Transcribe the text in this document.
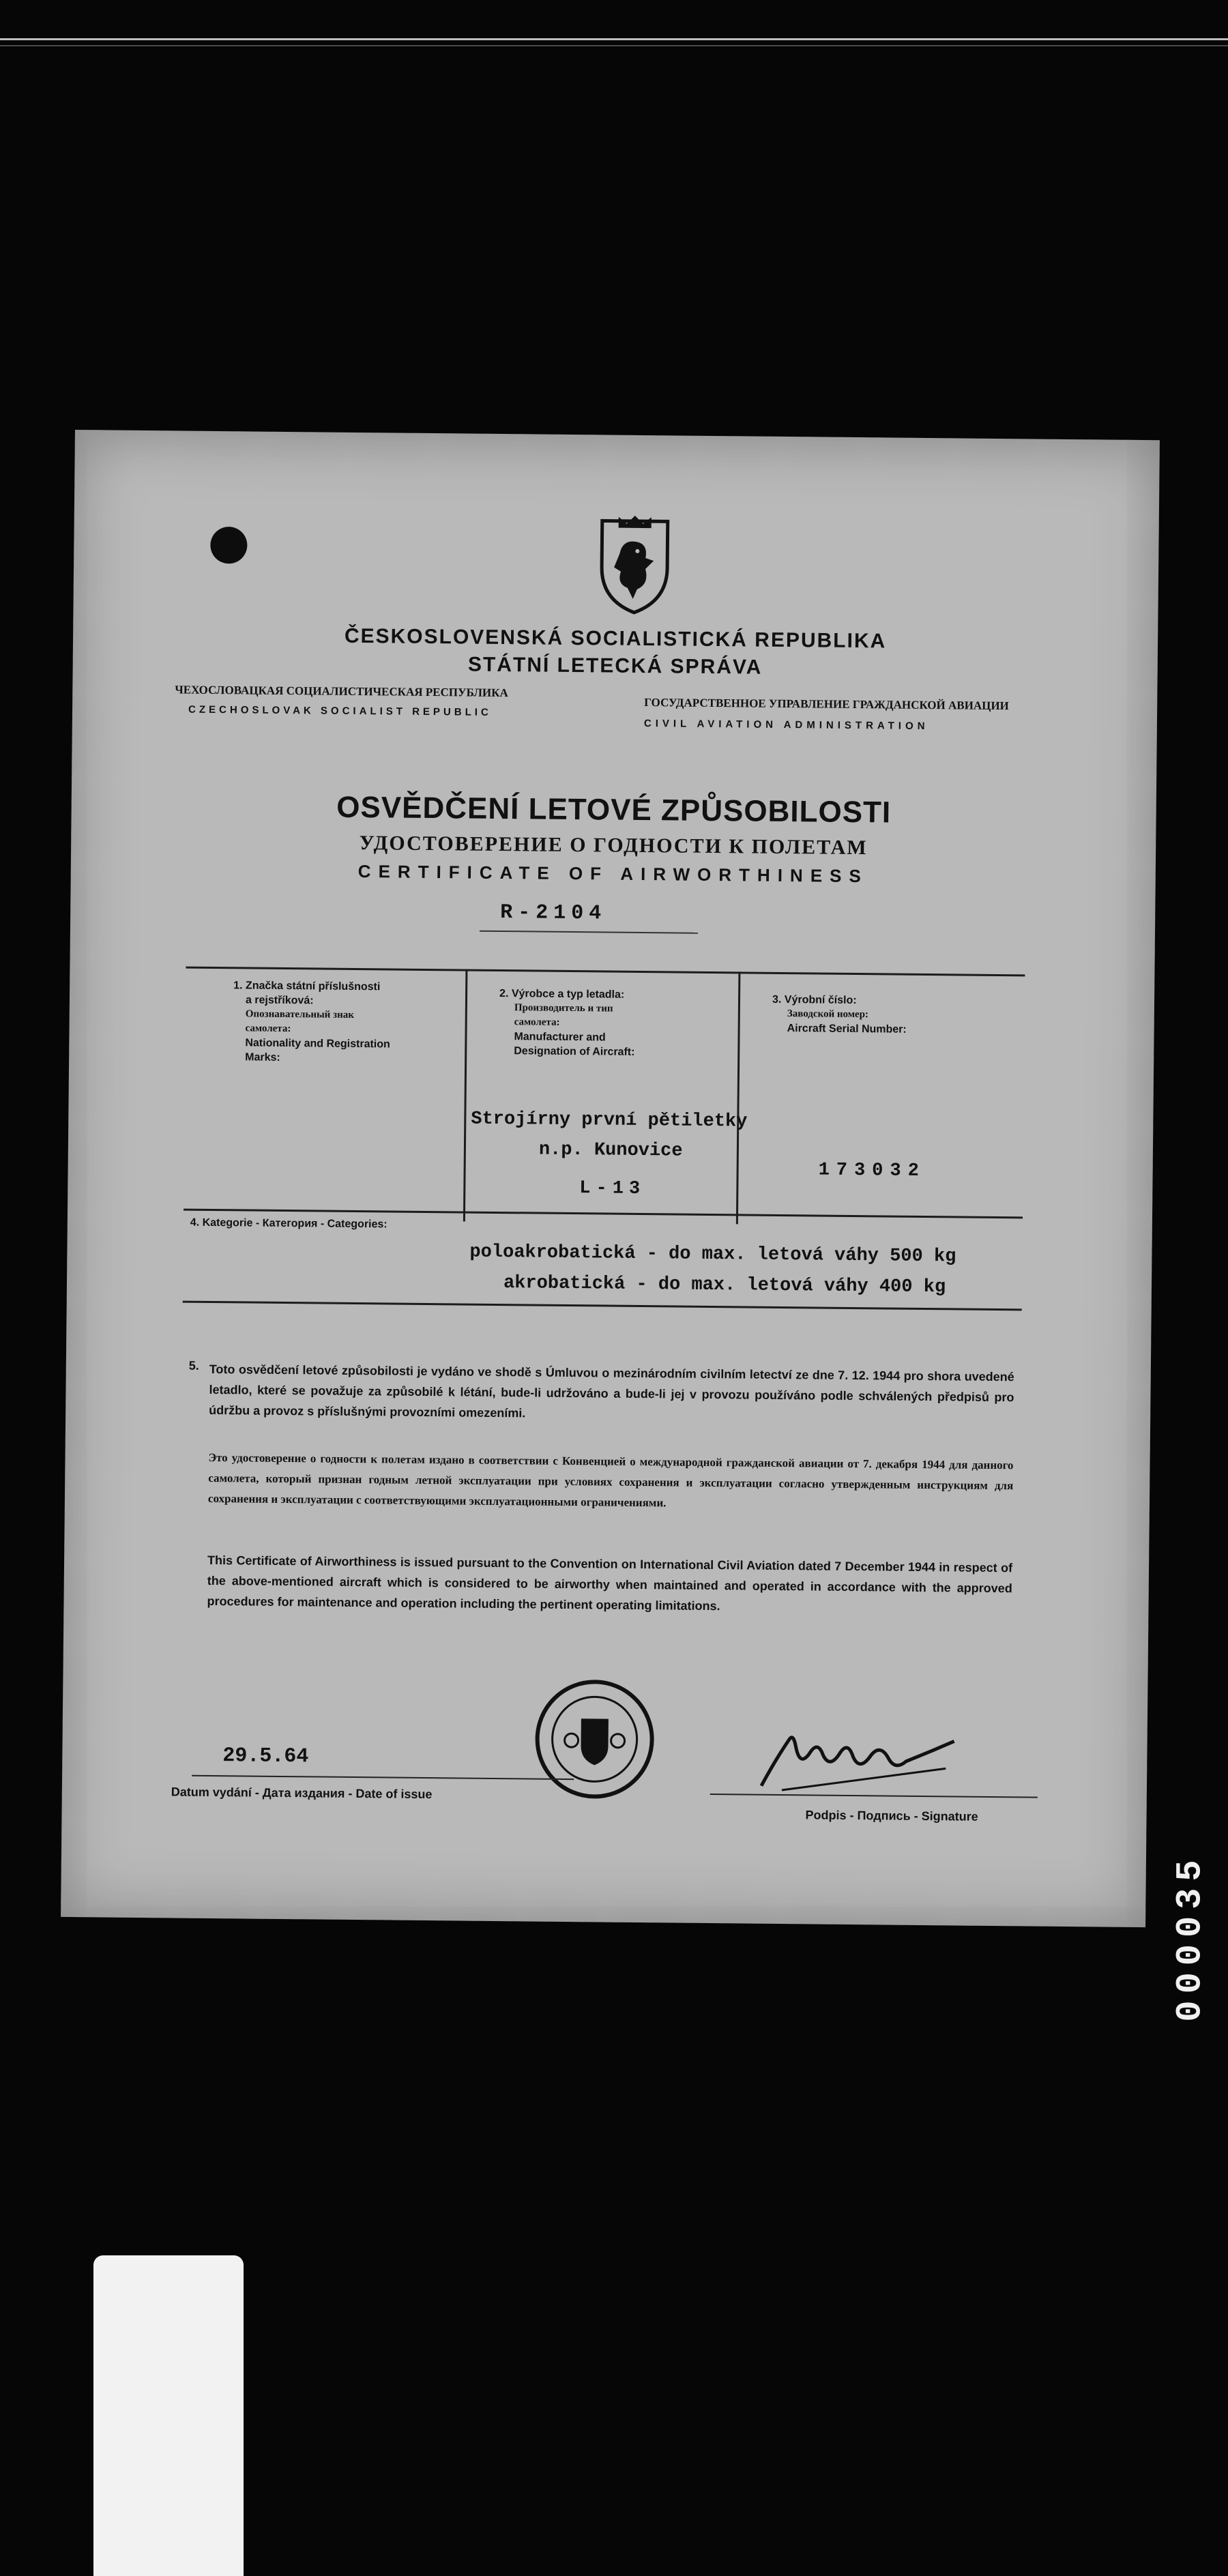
ČESKOSLOVENSKÁ SOCIALISTICKÁ REPUBLIKA
STÁTNÍ LETECKÁ SPRÁVA
ЧЕХОСЛОВАЦКАЯ СОЦИАЛИСТИЧЕСКАЯ РЕСПУБЛИКА
CZECHOSLOVAK SOCIALIST REPUBLIC	ГОСУДАРСТВЕННОЕ УПРАВЛЕНИЕ ГРАЖДАНСКОЙ АВИАЦИИ
CIVIL AVIATION ADMINISTRATION
OSVĚDČENÍ LETOVÉ ZPŮSOBILOSTI
УДОСТОВЕРЕНИЕ О ГОДНОСТИ К ПОЛЕТАМ
CERTIFICATE OF AIRWORTHINESS
R-2104
1. Značka státní příslušnosti
a rejstříková:
Опознавательный знак
самолета:
Nationality and Registration
Marks:
2. Výrobce a typ letadla:
Производитель и тип
самолета:
Manufacturer and
Designation of Aircraft:
3. Výrobní číslo:
Заводской номер:
Aircraft Serial Number:
Strojírny první pětiletky
n.p. Kunovice
L-13
173032
4. Kategorie - Категория - Categories:
poloakrobatická - do max. letová váhy 500 kg
akrobatická - do max. letová váhy 400 kg
5. Toto osvědčení letové způsobilosti je vydáno ve shodě s Úmluvou o mezinárodním civilním letectví ze dne 7. 12. 1944 pro shora uvedené letadlo, které se považuje za způsobilé k létání, bude-li udržováno a bude-li jej v provozu používáno podle schválených předpisů pro údržbu a provoz s příslušnými provozními omezeními.
Это удостоверение о годности к полетам издано в соответствии с Конвенцией о международной гражданской авиации от 7. декабря 1944 для данного самолета, который признан годным летной эксплуатации при условиях сохранения и эксплуатации согласно утвержденным инструкциям для сохранения и эксплуатации с соответствующими эксплуатационными ограничениями.
This Certificate of Airworthiness is issued pursuant to the Convention on International Civil Aviation dated 7 December 1944 in respect of the above-mentioned aircraft which is considered to be airworthy when maintained and operated in accordance with the approved procedures for maintenance and operation including the pertinent operating limitations.
29.5.64
Datum vydání - Дата издания - Date of issue
Podpis - Подпись - Signature
000035
